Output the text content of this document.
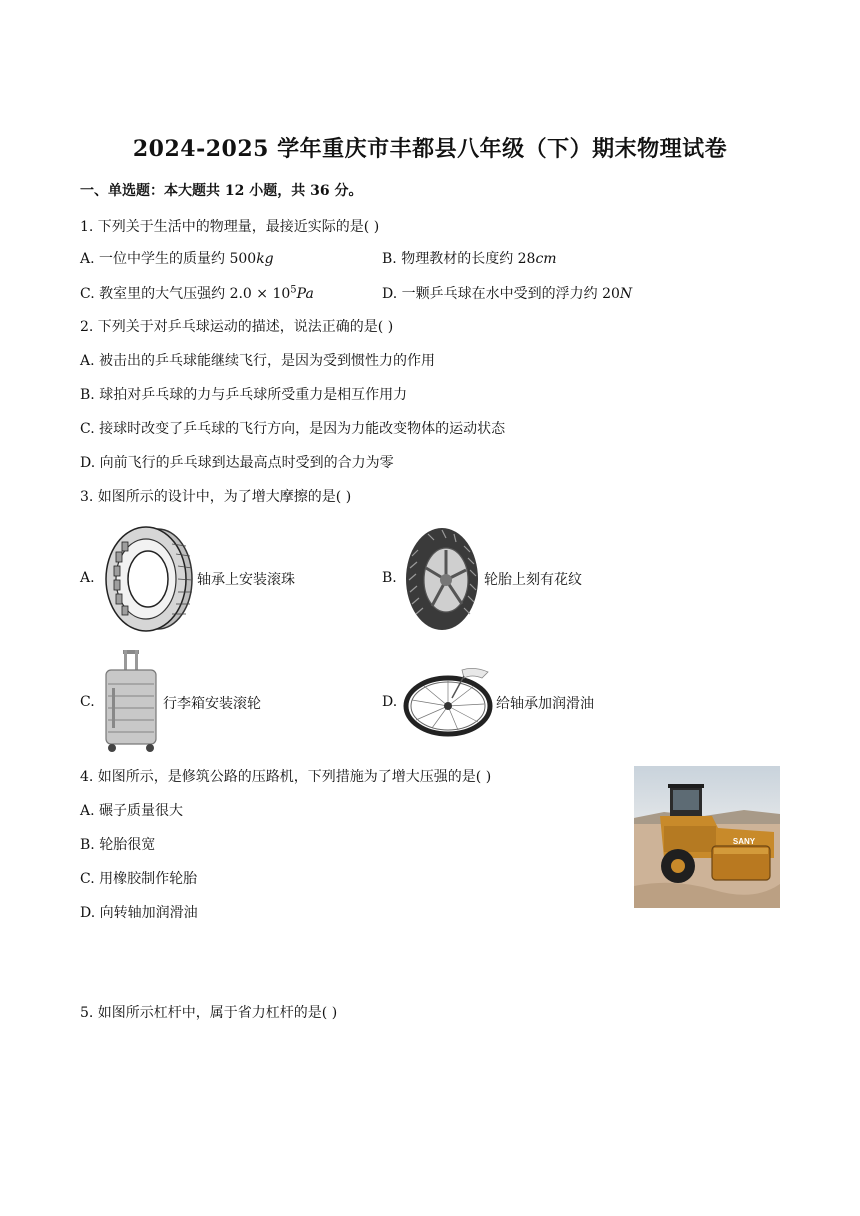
2024-2025 学年重庆市丰都县八年级（下）期末物理试卷
一、单选题：本大题共 12 小题，共 36 分。
1. 下列关于生活中的物理量，最接近实际的是( )
A. 一位中学生的质量约 500kg	B. 物理教材的长度约 28cm
C. 教室里的大气压强约 $2.0 \times 10^5Pa$	D. 一颗乒乓球在水中受到的浮力约 20N
2. 下列关于对乒乓球运动的描述，说法正确的是( )
A. 被击出的乒乓球能继续飞行，是因为受到惯性力的作用
B. 球拍对乒乓球的力与乒乓球所受重力是相互作用力
C. 接球时改变了乒乓球的飞行方向，是因为力能改变物体的运动状态
D. 向前飞行的乒乓球到达最高点时受到的合力为零
3. 如图所示的设计中，为了增大摩擦的是( )
A.	轴承上安装滚珠	B.	轮胎上刻有花纹
C.	行李箱安装滚轮	D.	给轴承加润滑油
4. 如图所示，是修筑公路的压路机，下列措施为了增大压强的是( )
A. 碾子质量很大
B. 轮胎很宽
C. 用橡胶制作轮胎
D. 向转轴加润滑油
SANY
5. 如图所示杠杆中，属于省力杠杆的是( )
